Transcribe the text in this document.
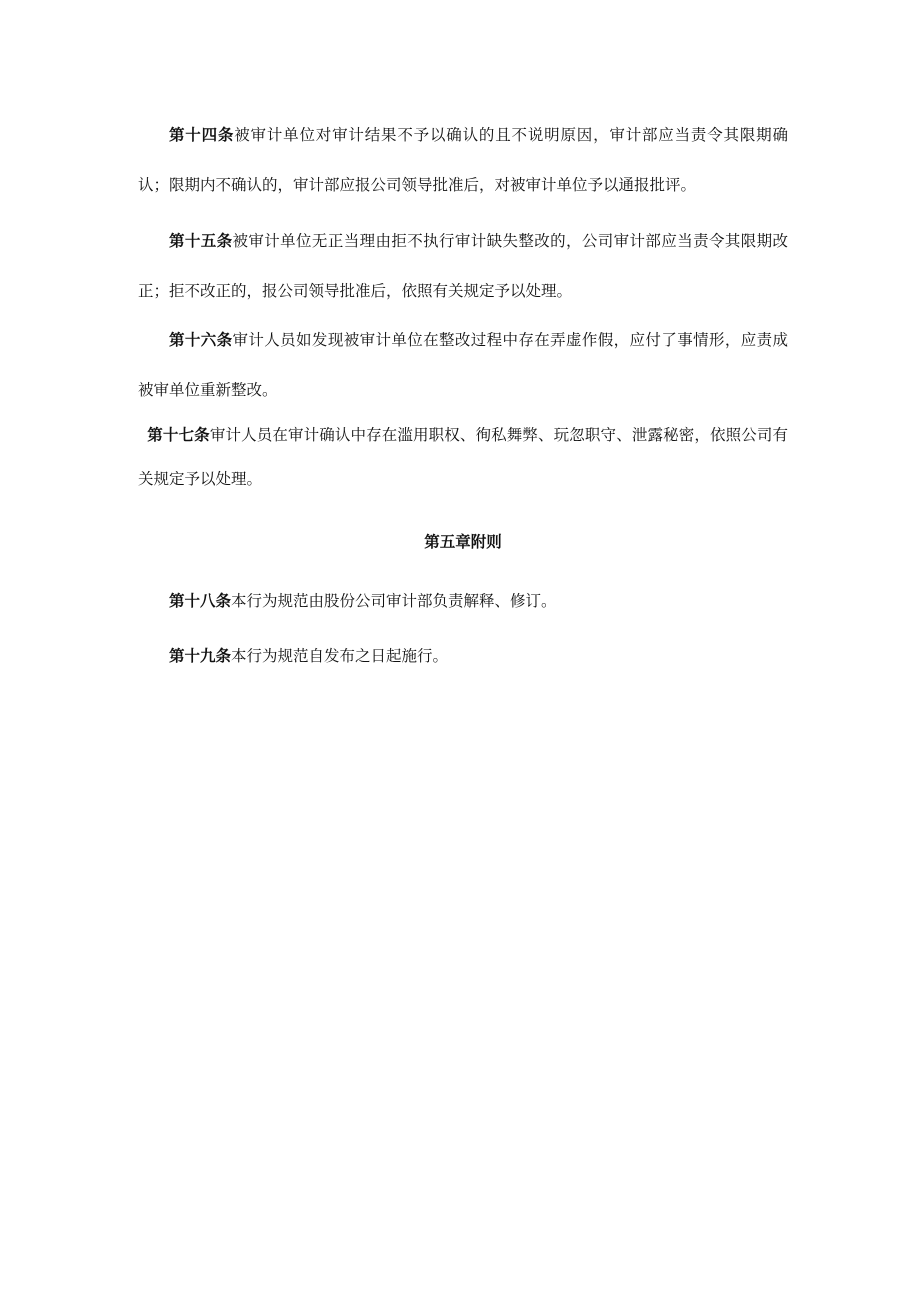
第十四条被审计单位对审计结果不予以确认的且不说明原因，审计部应当责令其限期确认；限期内不确认的，审计部应报公司领导批准后，对被审计单位予以通报批评。

第十五条被审计单位无正当理由拒不执行审计缺失整改的，公司审计部应当责令其限期改正；拒不改正的，报公司领导批准后，依照有关规定予以处理。

第十六条审计人员如发现被审计单位在整改过程中存在弄虚作假，应付了事情形，应责成被审单位重新整改。

第十七条审计人员在审计确认中存在滥用职权、徇私舞弊、玩忽职守、泄露秘密，依照公司有关规定予以处理。

第五章附则

第十八条本行为规范由股份公司审计部负责解释、修订。

第十九条本行为规范自发布之日起施行。
